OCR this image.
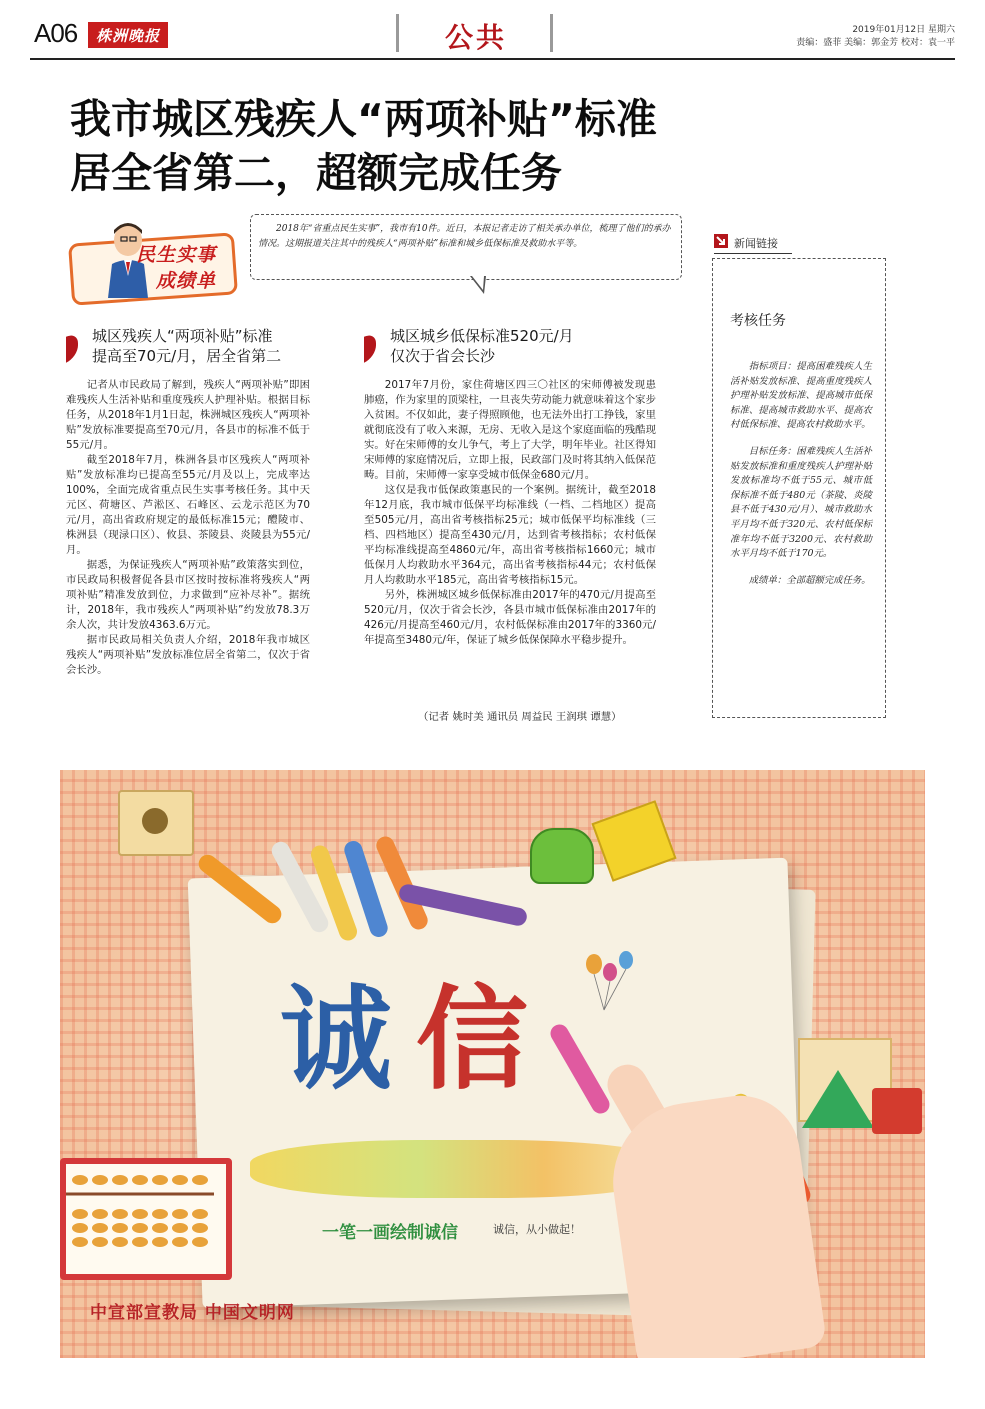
A06	株洲晚报	公共	2019年01月12日 星期六
责编：盛菲 美编：郭金芳 校对：袁一平
我市城区残疾人“两项补贴”标准
居全省第二，超额完成任务
民生实事
成绩单
2018年“省重点民生实事”，我市有10件。近日，本报记者走访了相关承办单位，梳理了他们的承办情况。这期报道关注其中的残疾人“两项补贴”标准和城乡低保标准及救助水平等。
城区残疾人“两项补贴”标准
提高至70元/月，居全省第二

记者从市民政局了解到，残疾人“两项补贴”即困难残疾人生活补贴和重度残疾人护理补贴。根据目标任务，从2018年1月1日起，株洲城区残疾人“两项补贴”发放标准要提高至70元/月，各县市的标准不低于55元/月。

截至2018年7月，株洲各县市区残疾人“两项补贴”发放标准均已提高至55元/月及以上，完成率达100%，全面完成省重点民生实事考核任务。其中天元区、荷塘区、芦淞区、石峰区、云龙示范区为70元/月，高出省政府规定的最低标准15元；醴陵市、株洲县（现渌口区）、攸县、茶陵县、炎陵县为55元/月。

据悉，为保证残疾人“两项补贴”政策落实到位，市民政局积极督促各县市区按时按标准将残疾人“两项补贴”精准发放到位，力求做到“应补尽补”。据统计，2018年，我市残疾人“两项补贴”约发放78.3万余人次，共计发放4363.6万元。

据市民政局相关负责人介绍，2018年我市城区残疾人“两项补贴”发放标准位居全省第二，仅次于省会长沙。

城区城乡低保标准520元/月
仅次于省会长沙

2017年7月份，家住荷塘区四三〇社区的宋师傅被发现患肺癌，作为家里的顶梁柱，一旦丧失劳动能力就意味着这个家步入贫困。不仅如此，妻子得照顾他，也无法外出打工挣钱，家里就彻底没有了收入来源，无房、无收入是这个家庭面临的残酷现实。好在宋师傅的女儿争气，考上了大学，明年毕业。社区得知宋师傅的家庭情况后，立即上报，民政部门及时将其纳入低保范畴。目前，宋师傅一家享受城市低保金680元/月。

这仅是我市低保政策惠民的一个案例。据统计，截至2018年12月底，我市城市低保平均标准线（一档、二档地区）提高至505元/月，高出省考核指标25元；城市低保平均标准线（三档、四档地区）提高至430元/月，达到省考核指标；农村低保平均标准线提高至4860元/年，高出省考核指标1660元；城市低保月人均救助水平364元，高出省考核指标44元；农村低保月人均救助水平185元，高出省考核指标15元。

另外，株洲城区城乡低保标准由2017年的470元/月提高至520元/月，仅次于省会长沙，各县市城市低保标准由2017年的426元/月提高至460元/月，农村低保标准由2017年的3360元/年提高至3480元/年，保证了城乡低保保障水平稳步提升。

（记者 姚时美 通讯员 周益民 王润琪 谭慧）
新闻链接
考核任务

指标项目：提高困难残疾人生活补贴发放标准、提高重度残疾人护理补贴发放标准、提高城市低保标准、提高城市救助水平、提高农村低保标准、提高农村救助水平。

目标任务：困难残疾人生活补贴发放标准和重度残疾人护理补贴发放标准均不低于55元、城市低保标准不低于480元（茶陵、炎陵县不低于430元/月）、城市救助水平月均不低于320元、农村低保标准年均不低于3200元、农村救助水平月均不低于170元。

成绩单：全部超额完成任务。

诚信
一笔一画绘制诚信	诚信，从小做起！
中宣部宣教局 中国文明网
